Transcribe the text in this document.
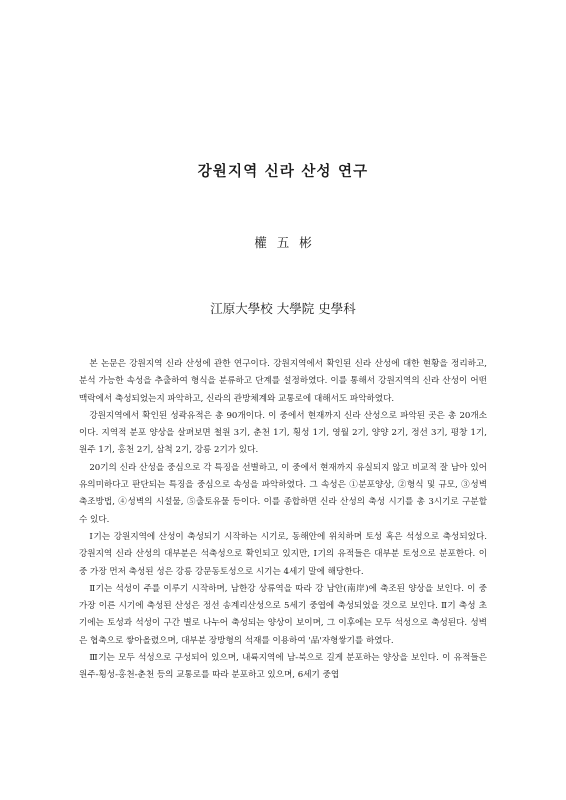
강원지역 신라 산성 연구
權 五 彬
江原大學校 大學院 史學科

본 논문은 강원지역 신라 산성에 관한 연구이다. 강원지역에서 확인된 신라 산성에 대한 현황을 정리하고, 분석 가능한 속성을 추출하여 형식을 분류하고 단계를 설정하였다. 이를 통해서 강원지역의 신라 산성이 어떤 맥락에서 축성되었는지 파악하고, 신라의 관방체계와 교통로에 대해서도 파악하였다.

강원지역에서 확인된 성곽유적은 총 90개이다. 이 중에서 현재까지 신라 산성으로 파악된 곳은 총 20개소이다. 지역적 분포 양상을 살펴보면 철원 3기, 춘천 1기, 횡성 1기, 영월 2기, 양양 2기, 정선 3기, 평창 1기, 원주 1기, 홍천 2기, 삼척 2기, 강릉 2기가 있다.

20기의 신라 산성을 중심으로 각 특징을 선별하고, 이 중에서 현재까지 유실되지 않고 비교적 잘 남아 있어 유의미하다고 판단되는 특징을 중심으로 속성을 파악하였다. 그 속성은 ①분포양상, ②형식 및 규모, ③성벽 축조방법, ④성벽의 시설물, ⑤출토유물 등이다. 이를 종합하면 신라 산성의 축성 시기를 총 3시기로 구분할 수 있다.

Ⅰ기는 강원지역에 산성이 축성되기 시작하는 시기로, 동해안에 위치하며 토성 혹은 석성으로 축성되었다. 강원지역 신라 산성의 대부분은 석축성으로 확인되고 있지만, Ⅰ기의 유적들은 대부분 토성으로 분포한다. 이 중 가장 먼저 축성된 성은 강릉 강문동토성으로 시기는 4세기 말에 해당한다.

Ⅱ기는 석성이 주를 이루기 시작하며, 남한강 상류역을 따라 강 남안(南岸)에 축조된 양상을 보인다. 이 중 가장 이른 시기에 축성된 산성은 정선 송계리산성으로 5세기 중엽에 축성되었을 것으로 보인다. Ⅱ기 축성 초기에는 토성과 석성이 구간 별로 나누어 축성되는 양상이 보이며, 그 이후에는 모두 석성으로 축성된다. 성벽은 협축으로 쌓아올렸으며, 대부분 장방형의 석재를 이용하여 '品'자형쌓기를 하였다.

Ⅲ기는 모두 석성으로 구성되어 있으며, 내륙지역에 남-북으로 길게 분포하는 양상을 보인다. 이 유적들은 원주-횡성-홍천-춘천 등의 교통로를 따라 분포하고 있으며, 6세기 중엽
